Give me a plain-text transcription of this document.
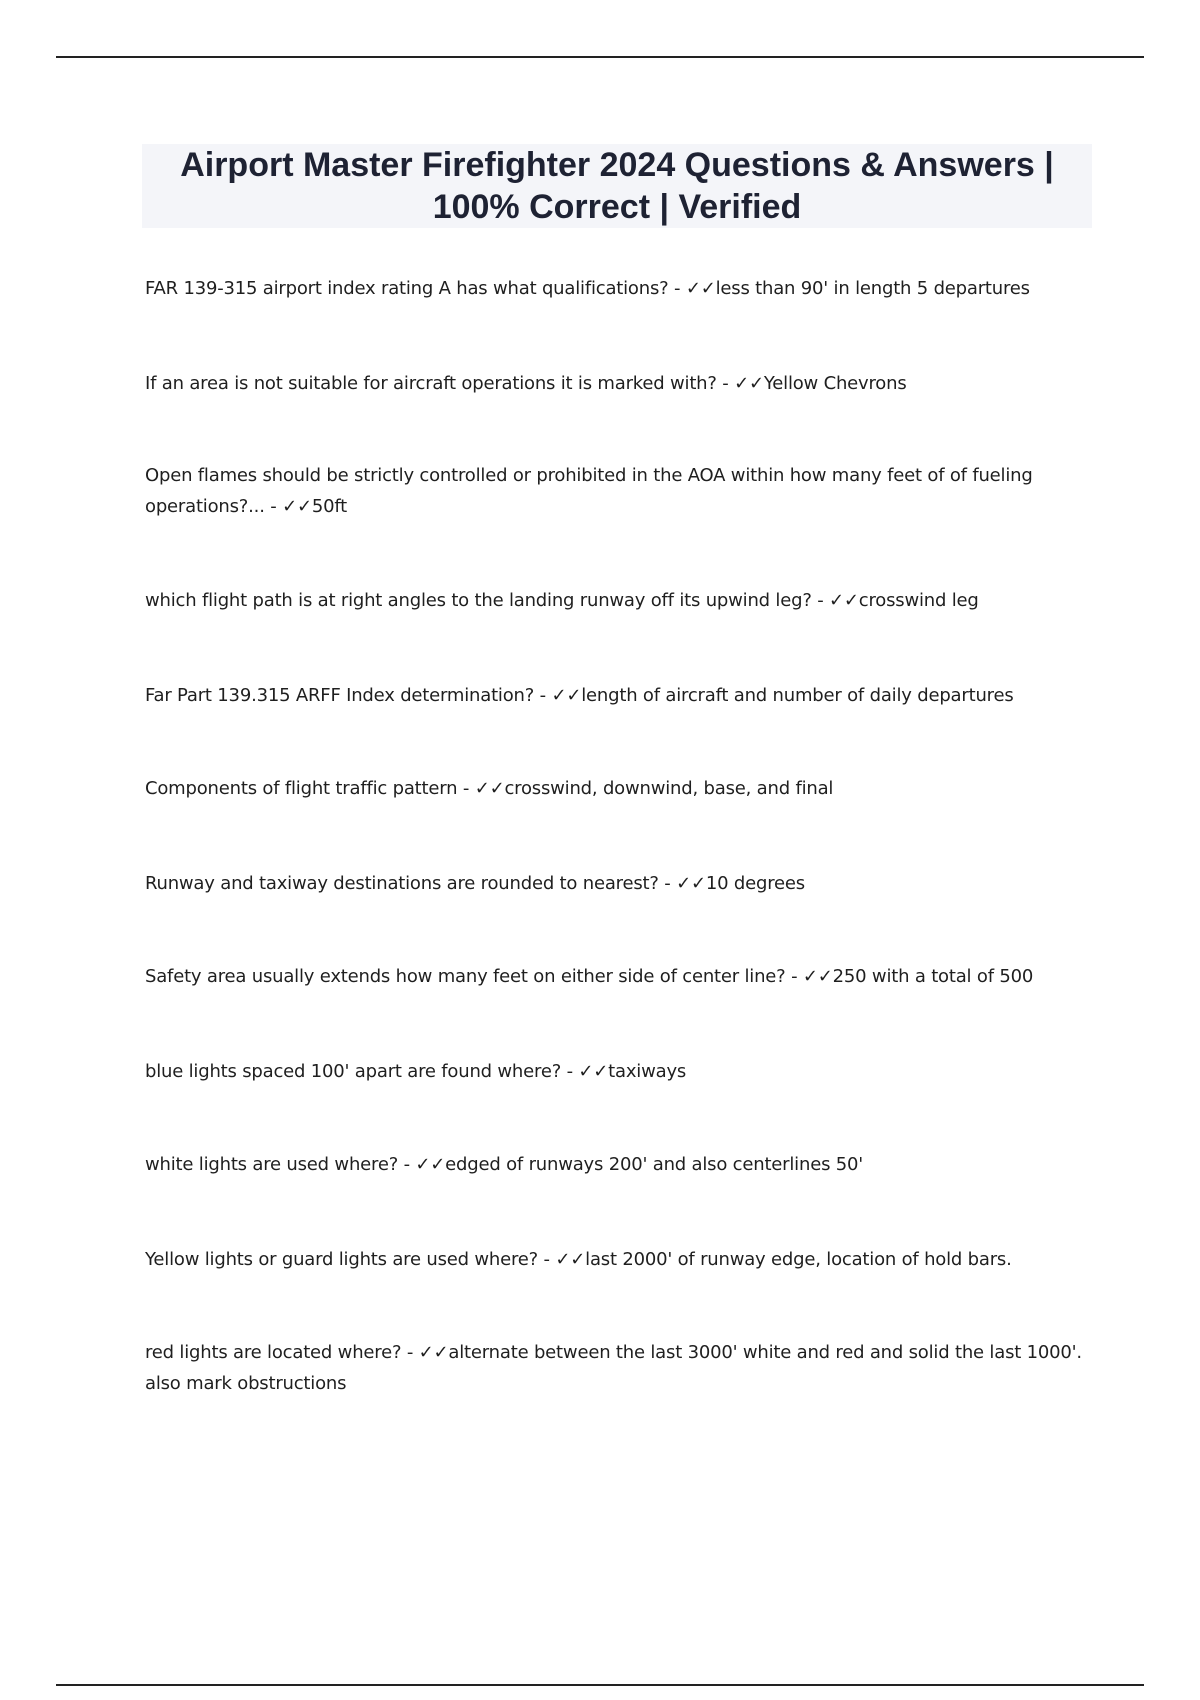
Airport Master Firefighter 2024 Questions & Answers |
100% Correct | Verified
FAR 139-315 airport index rating A has what qualifications? - ✓✓less than 90' in length 5 departures
If an area is not suitable for aircraft operations it is marked with? - ✓✓Yellow Chevrons
Open flames should be strictly controlled or prohibited in the AOA within how many feet of of fueling operations?... - ✓✓50ft
which flight path is at right angles to the landing runway off its upwind leg? - ✓✓crosswind leg
Far Part 139.315 ARFF Index determination? - ✓✓length of aircraft and number of daily departures
Components of flight traffic pattern - ✓✓crosswind, downwind, base, and final
Runway and taxiway destinations are rounded to nearest? - ✓✓10 degrees
Safety area usually extends how many feet on either side of center line? - ✓✓250 with a total of 500
blue lights spaced 100' apart are found where? - ✓✓taxiways
white lights are used where? - ✓✓edged of runways 200' and also centerlines 50'
Yellow lights or guard lights are used where? - ✓✓last 2000' of runway edge, location of hold bars.
red lights are located where? - ✓✓alternate between the last 3000' white and red and solid the last 1000'. also mark obstructions
